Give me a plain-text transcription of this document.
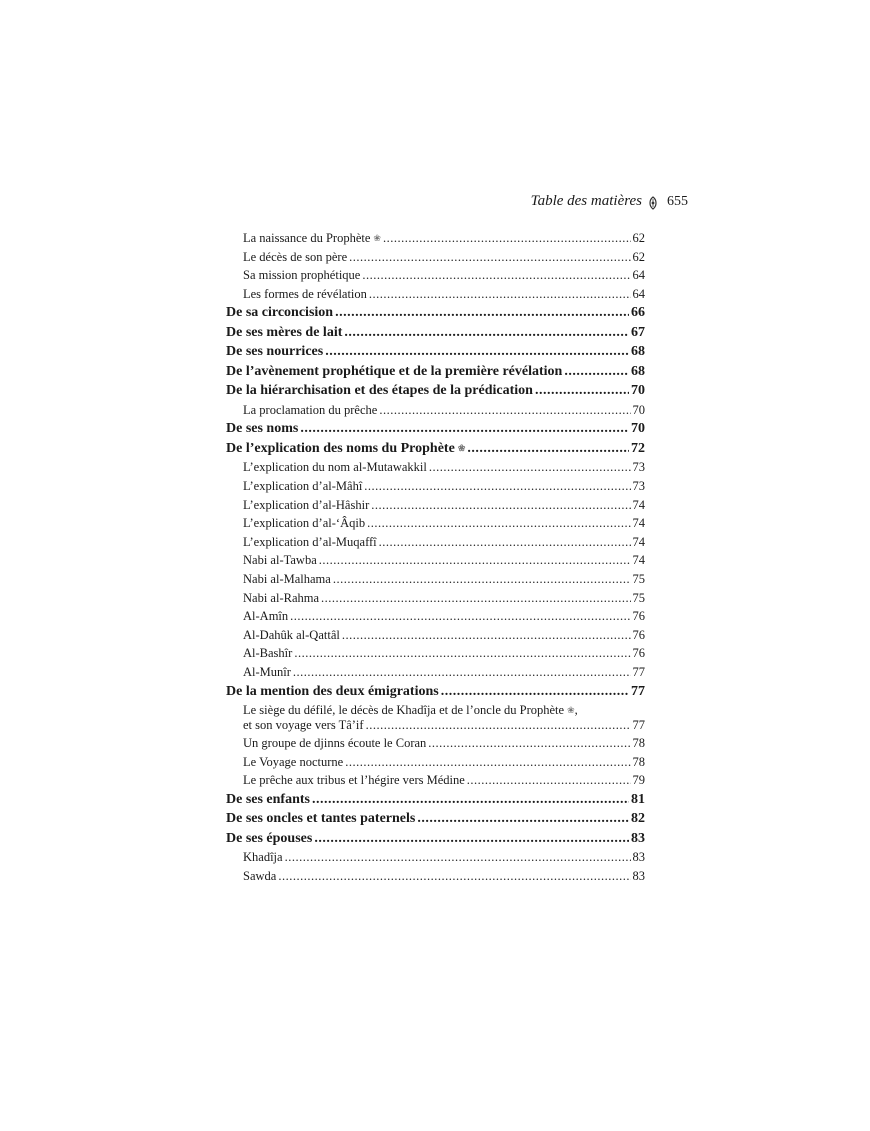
Table des matières 655
La naissance du Prophète ❀ .....	62
Le décès de son père .....	62
Sa mission prophétique .....	64
Les formes de révélation .....	64
De sa circoncision .....	66
De ses mères de lait .....	67
De ses nourrices .....	68
De l’avènement prophétique et de la première révélation .....	68
De la hiérarchisation et des étapes de la prédication .....	70
La proclamation du prêche .....	70
De ses noms .....	70
De l’explication des noms du Prophète ❀ .....	72
L’explication du nom al-Mutawakkil .....	73
L’explication d’al-Mâhî .....	73
L’explication d’al-Hâshir .....	74
L’explication d’al-‘Âqib .....	74
L’explication d’al-Muqaffî .....	74
Nabi al-Tawba .....	74
Nabi al-Malhama .....	75
Nabi al-Rahma .....	75
Al-Amîn .....	76
Al-Dahûk al-Qattâl .....	76
Al-Bashîr .....	76
Al-Munîr .....	77
De la mention des deux émigrations .....	77
Le siège du défilé, le décès de Khadîja et de l’oncle du Prophète ❀,
et son voyage vers Tâ’if .....	77
Un groupe de djinns écoute le Coran .....	78
Le Voyage nocturne .....	78
Le prêche aux tribus et l’hégire vers Médine .....	79
De ses enfants .....	81
De ses oncles et tantes paternels .....	82
De ses épouses .....	83
Khadîja .....	83
Sawda .....	83
